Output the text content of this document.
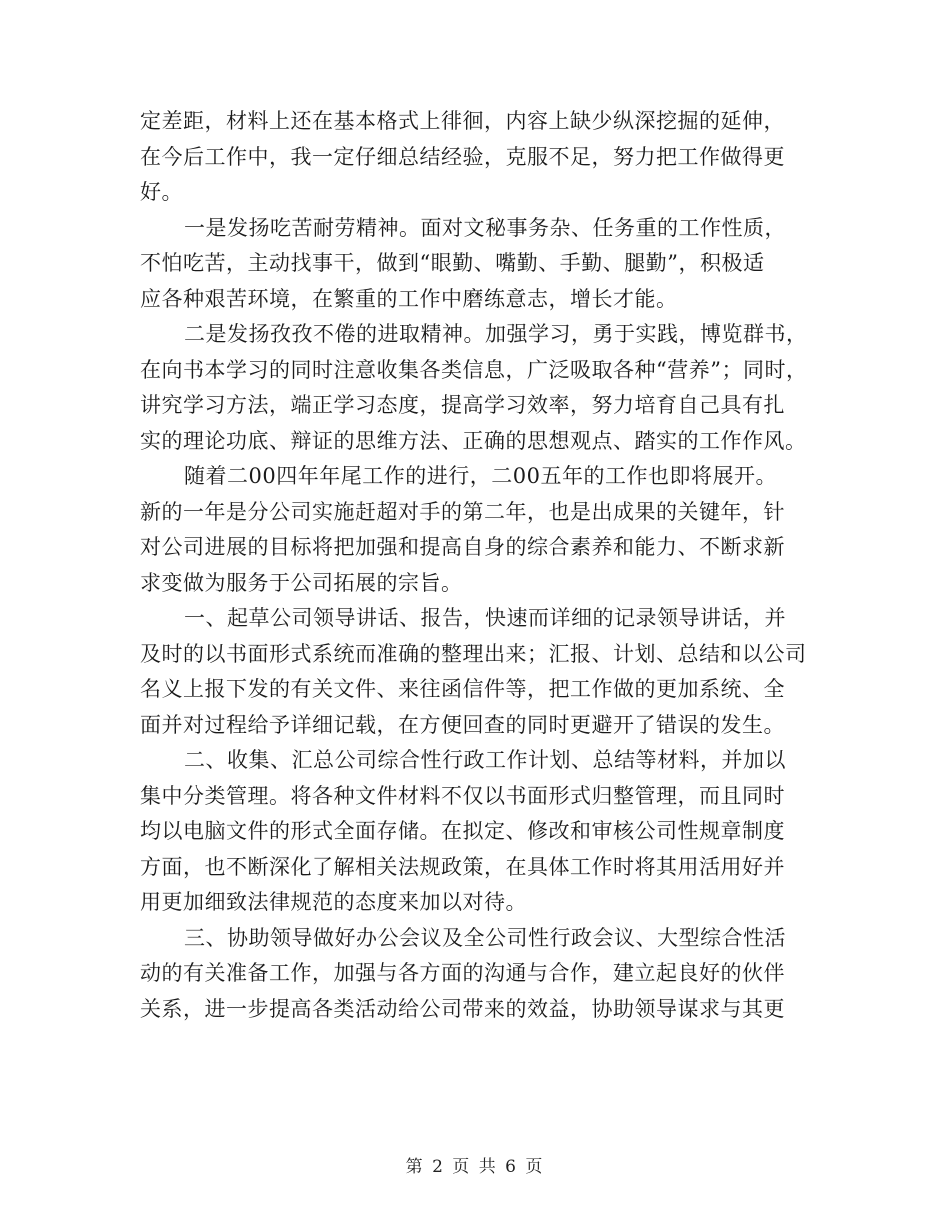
定差距，材料上还在基本格式上徘徊，内容上缺少纵深挖掘的延伸，
在今后工作中，我一定仔细总结经验，克服不足，努力把工作做得更
好。
一是发扬吃苦耐劳精神。面对文秘事务杂、任务重的工作性质，
不怕吃苦，主动找事干，做到“眼勤、嘴勤、手勤、腿勤”，积极适
应各种艰苦环境，在繁重的工作中磨练意志，增长才能。
二是发扬孜孜不倦的进取精神。加强学习，勇于实践，博览群书，
在向书本学习的同时注意收集各类信息，广泛吸取各种“营养”；同时，
讲究学习方法，端正学习态度，提高学习效率，努力培育自己具有扎
实的理论功底、辩证的思维方法、正确的思想观点、踏实的工作作风。
随着二00四年年尾工作的进行，二00五年的工作也即将展开。
新的一年是分公司实施赶超对手的第二年，也是出成果的关键年，针
对公司进展的目标将把加强和提高自身的综合素养和能力、不断求新
求变做为服务于公司拓展的宗旨。
一、起草公司领导讲话、报告，快速而详细的记录领导讲话，并
及时的以书面形式系统而准确的整理出来；汇报、计划、总结和以公司
名义上报下发的有关文件、来往函信件等，把工作做的更加系统、全
面并对过程给予详细记载，在方便回查的同时更避开了错误的发生。
二、收集、汇总公司综合性行政工作计划、总结等材料，并加以
集中分类管理。将各种文件材料不仅以书面形式归整管理，而且同时
均以电脑文件的形式全面存储。在拟定、修改和审核公司性规章制度
方面，也不断深化了解相关法规政策，在具体工作时将其用活用好并
用更加细致法律规范的态度来加以对待。
三、协助领导做好办公会议及全公司性行政会议、大型综合性活
动的有关准备工作，加强与各方面的沟通与合作，建立起良好的伙伴
关系，进一步提高各类活动给公司带来的效益，协助领导谋求与其更
第 2 页 共 6 页
